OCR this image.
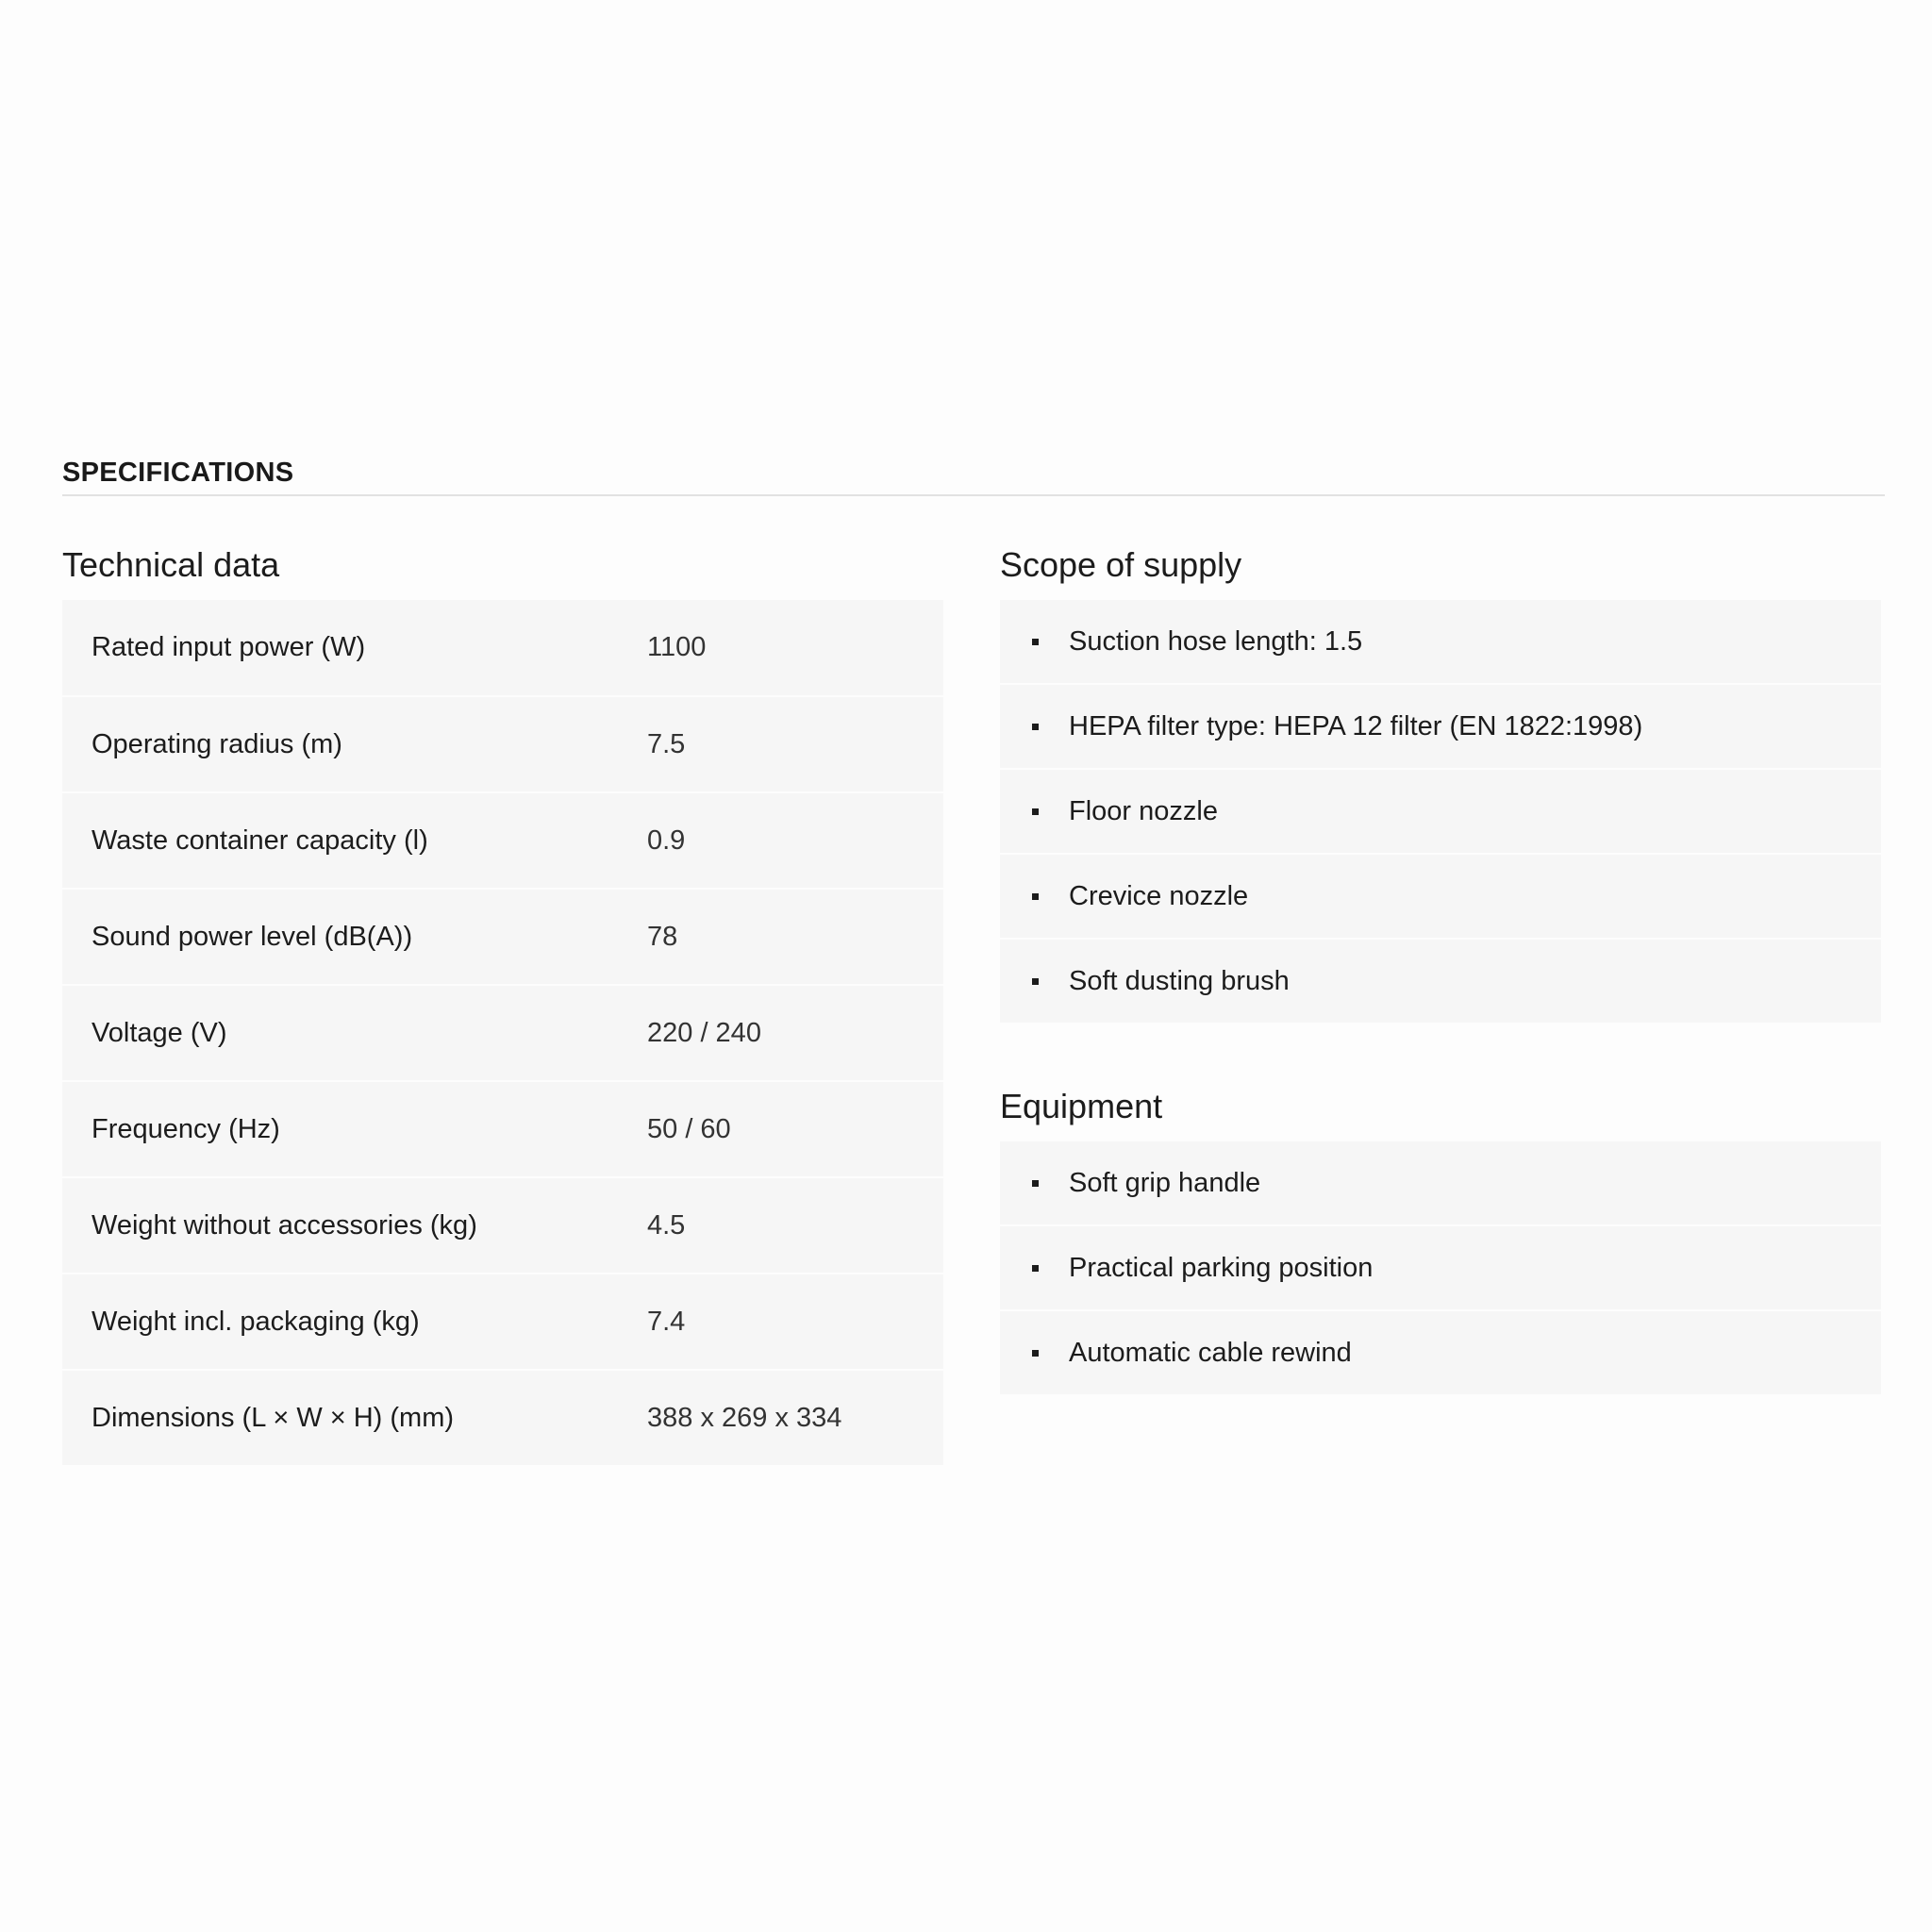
SPECIFICATIONS
Technical data
Rated input power (W)	1100
Operating radius (m)	7.5
Waste container capacity (l)	0.9
Sound power level (dB(A))	78
Voltage (V)	220 / 240
Frequency (Hz)	50 / 60
Weight without accessories (kg)	4.5
Weight incl. packaging (kg)	7.4
Dimensions (L × W × H) (mm)	388 x 269 x 334
Scope of supply
Suction hose length: 1.5
HEPA filter type: HEPA 12 filter (EN 1822:1998)
Floor nozzle
Crevice nozzle
Soft dusting brush
Equipment
Soft grip handle
Practical parking position
Automatic cable rewind
